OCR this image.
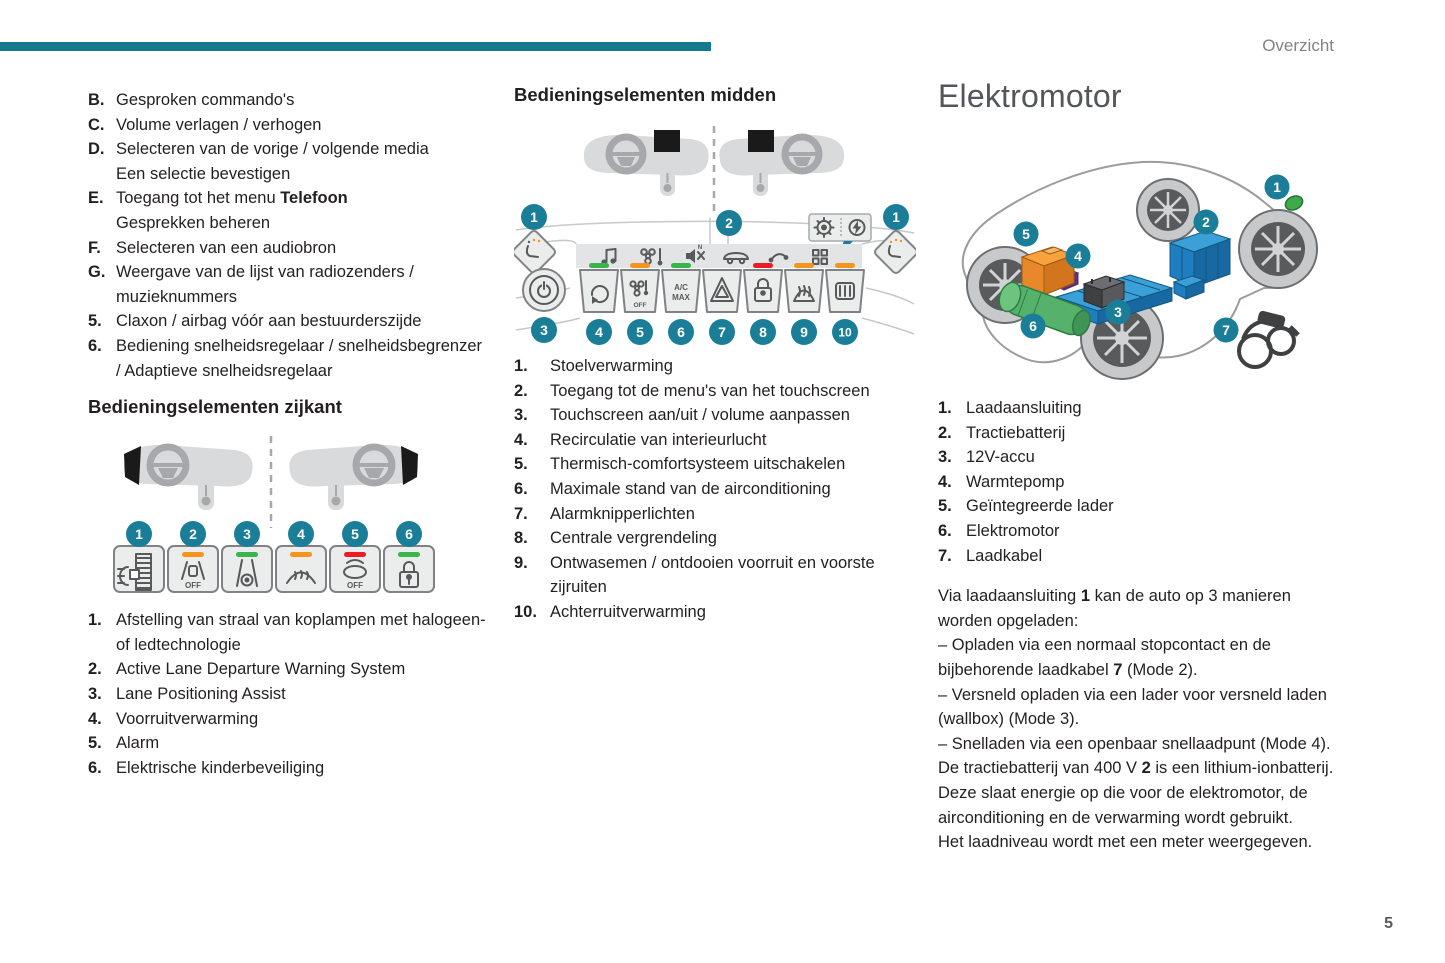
Overzicht
B. Gesproken commando's
C. Volume verlagen / verhogen
D. Selecteren van de vorige / volgende media
Een selectie bevestigen
E. Toegang tot het menu Telefoon
Gesprekken beheren
F. Selecteren van een audiobron
G. Weergave van de lijst van radiozenders / muzieknummers
5. Claxon / airbag vóór aan bestuurderszijde
6. Bediening snelheidsregelaar / snelheidsbegrenzer / Adaptieve snelheidsregelaar
Bedieningselementen zijkant
1
OFF
2	3	4
OFF
5	6
1. Afstelling van straal van koplampen met halogeen- of ledtechnologie
2. Active Lane Departure Warning System
3. Lane Positioning Assist
4. Voorruitverwarming
5. Alarm
6. Elektrische kinderbeveiliging
Bedieningselementen midden
N
2
1	1
3	4
OFF
5
A/C
MAX
6 7 8 9	10
1.	Stoelverwarming
2.	Toegang tot de menu's van het touchscreen
3.	Touchscreen aan/uit / volume aanpassen
4.	Recirculatie van interieurlucht
5.	Thermisch-comfortsysteem uitschakelen
6.	Maximale stand van de airconditioning
7.	Alarmknipperlichten
8.	Centrale vergrendeling
9.	Ontwasemen / ontdooien voorruit en voorste zijruiten
10. Achterruitverwarming
Elektromotor
1
2
3
4
5
6	7
1. Laadaansluiting
2. Tractiebatterij
3. 12V-accu
4. Warmtepomp
5. Geïntegreerde lader
6. Elektromotor
7. Laadkabel

Via laadaansluiting 1 kan de auto op 3 manieren worden opgeladen:

– Opladen via een normaal stopcontact en de bijbehorende laadkabel 7 (Mode 2).

– Versneld opladen via een lader voor versneld laden (wallbox) (Mode 3).

– Snelladen via een openbaar snellaadpunt (Mode 4).

De tractiebatterij van 400 V 2 is een lithium-ionbatterij. Deze slaat energie op die voor de elektromotor, de airconditioning en de verwarming wordt gebruikt.

Het laadniveau wordt met een meter weergegeven.

5
